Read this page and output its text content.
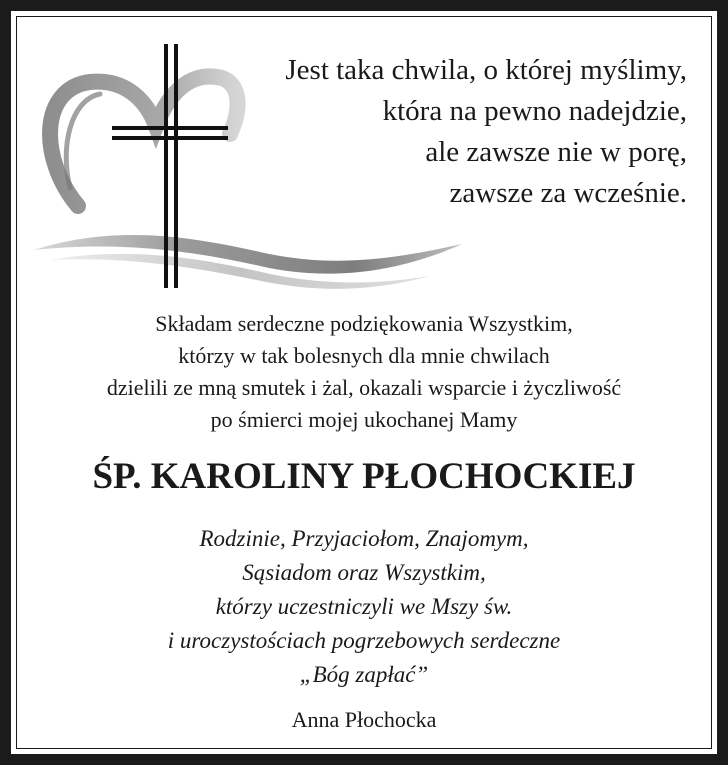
Jest taka chwila, o której myślimy,
która na pewno nadejdzie,
ale zawsze nie w porę,
zawsze za wcześnie.
Składam serdeczne podziękowania Wszystkim,
którzy w tak bolesnych dla mnie chwilach
dzielili ze mną smutek i żal, okazali wsparcie i życzliwość
po śmierci mojej ukochanej Mamy
ŚP. KAROLINY PŁOCHOCKIEJ
Rodzinie, Przyjaciołom, Znajomym,
Sąsiadom oraz Wszystkim,
którzy uczestniczyli we Mszy św.
i uroczystościach pogrzebowych serdeczne
„Bóg zapłać”
Anna Płochocka
